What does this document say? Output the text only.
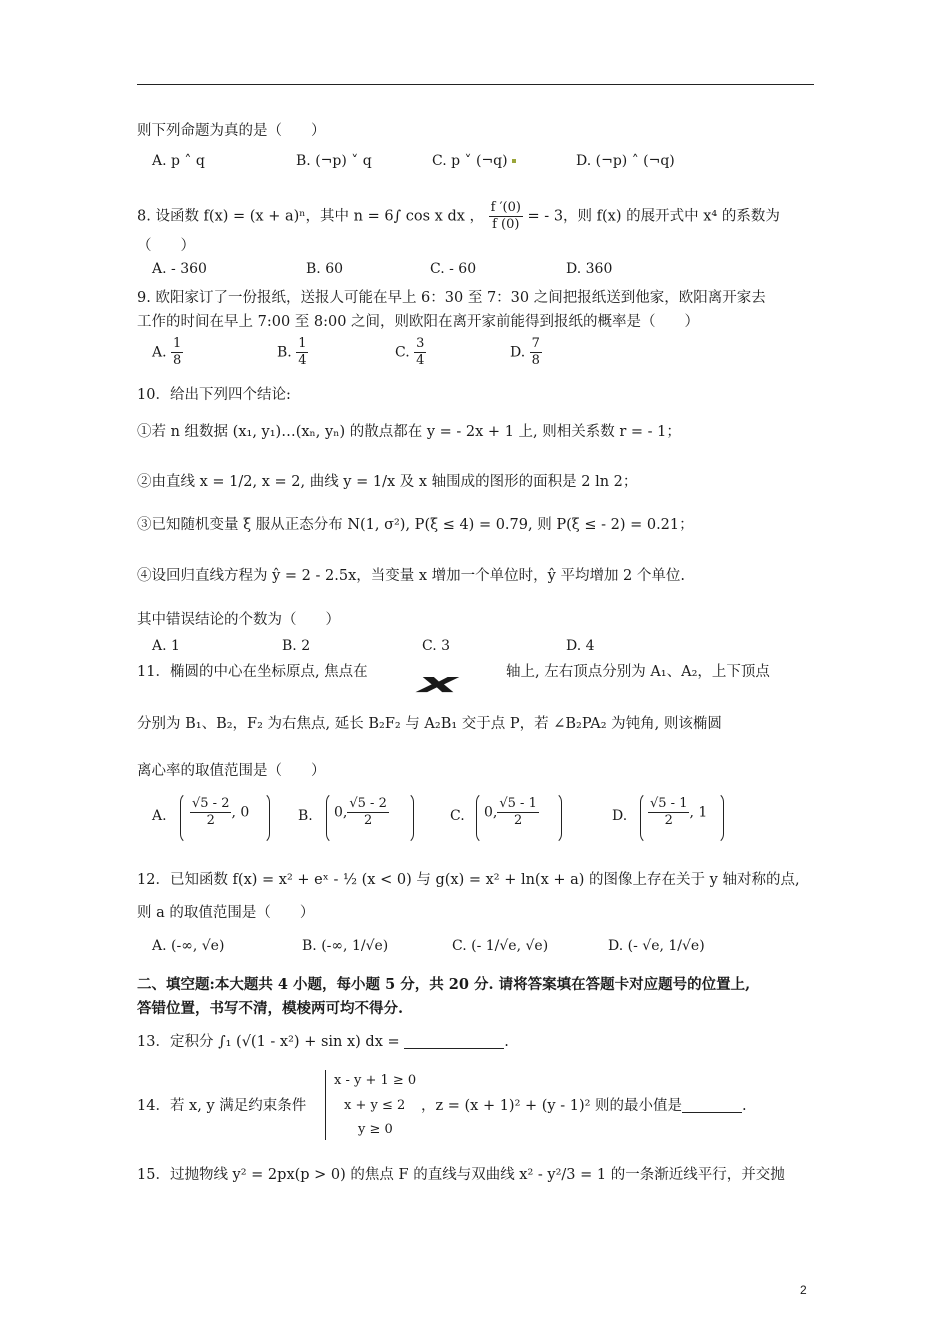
则下列命题为真的是（　　）
A. p ˄ q	B. (¬p) ˅ q	C. p ˅ (¬q)	D. (¬p) ˄ (¬q)
8. 设函数 f(x) = (x + a)ⁿ，其中 n = 6∫ cos x dx ， $\frac{f '(0)}{f (0)}$ = - 3，则 f(x) 的展开式中 x⁴ 的系数为
（　　）
A. - 360	B. 60	C. - 60	D. 360
9. 欧阳家订了一份报纸，送报人可能在早上 6：30 至 7：30 之间把报纸送到他家，欧阳离开家去
工作的时间在早上 7:00 至 8:00 之间，则欧阳在离开家前能得到报纸的概率是（　　）
A. $\frac{1}{8}$	B. $\frac{1}{4}$	C. $\frac{3}{4}$	D. $\frac{7}{8}$
10．给出下列四个结论:
①若 n 组数据 (x₁, y₁)…(xₙ, yₙ) 的散点都在 y = - 2x + 1 上, 则相关系数 r = - 1；
②由直线 x = 1/2, x = 2, 曲线 y = 1/x 及 x 轴围成的图形的面积是 2 ln 2；
③已知随机变量 ξ 服从正态分布 N(1, σ²), P(ξ ≤ 4) = 0.79, 则 P(ξ ≤ - 2) = 0.21；
④设回归直线方程为 ŷ = 2 - 2.5x，当变量 x 增加一个单位时，ŷ 平均增加 2 个单位.
其中错误结论的个数为（　　）
A. 1	B. 2	C. 3	D. 4
11．椭圆的中心在坐标原点, 焦点在 x	轴上, 左右顶点分别为 A₁、A₂，上下顶点
分别为 B₁、B₂，F₂ 为右焦点, 延长 B₂F₂ 与 A₂B₁ 交于点 P，若 ∠B₂PA₂ 为钝角, 则该椭圆
离心率的取值范围是（　　）
A. $\frac{√5 - 2}{2}$ , 0	B. 0, $\frac{√5 - 2}{2}$	C. 0, $\frac{√5 - 1}{2}$	D. $\frac{√5 - 1}{2}$ , 1
12．已知函数 f(x) = x² + eˣ - ½ (x < 0) 与 g(x) = x² + ln(x + a) 的图像上存在关于 y 轴对称的点,
则 a 的取值范围是（　　）
A. (-∞, √e)	B. (-∞, 1/√e)	C. (- 1/√e, √e)	D. (- √e, 1/√e)
二、填空题:本大题共 4 小题，每小题 5 分，共 20 分. 请将答案填在答题卡对应题号的位置上,
答错位置，书写不清，模棱两可均不得分.
13．定积分 ∫₁ (√(1 - x²) + sin x) dx =	.
14．若 x, y 满足约束条件
x - y + 1 ≥ 0
x + y ≤ 2
y ≥ 0
，z = (x + 1)² + (y - 1)² 则的最小值是	.
15．过抛物线 y² = 2px(p > 0) 的焦点 F 的直线与双曲线 x² - y²/3 = 1 的一条渐近线平行，并交抛
2
